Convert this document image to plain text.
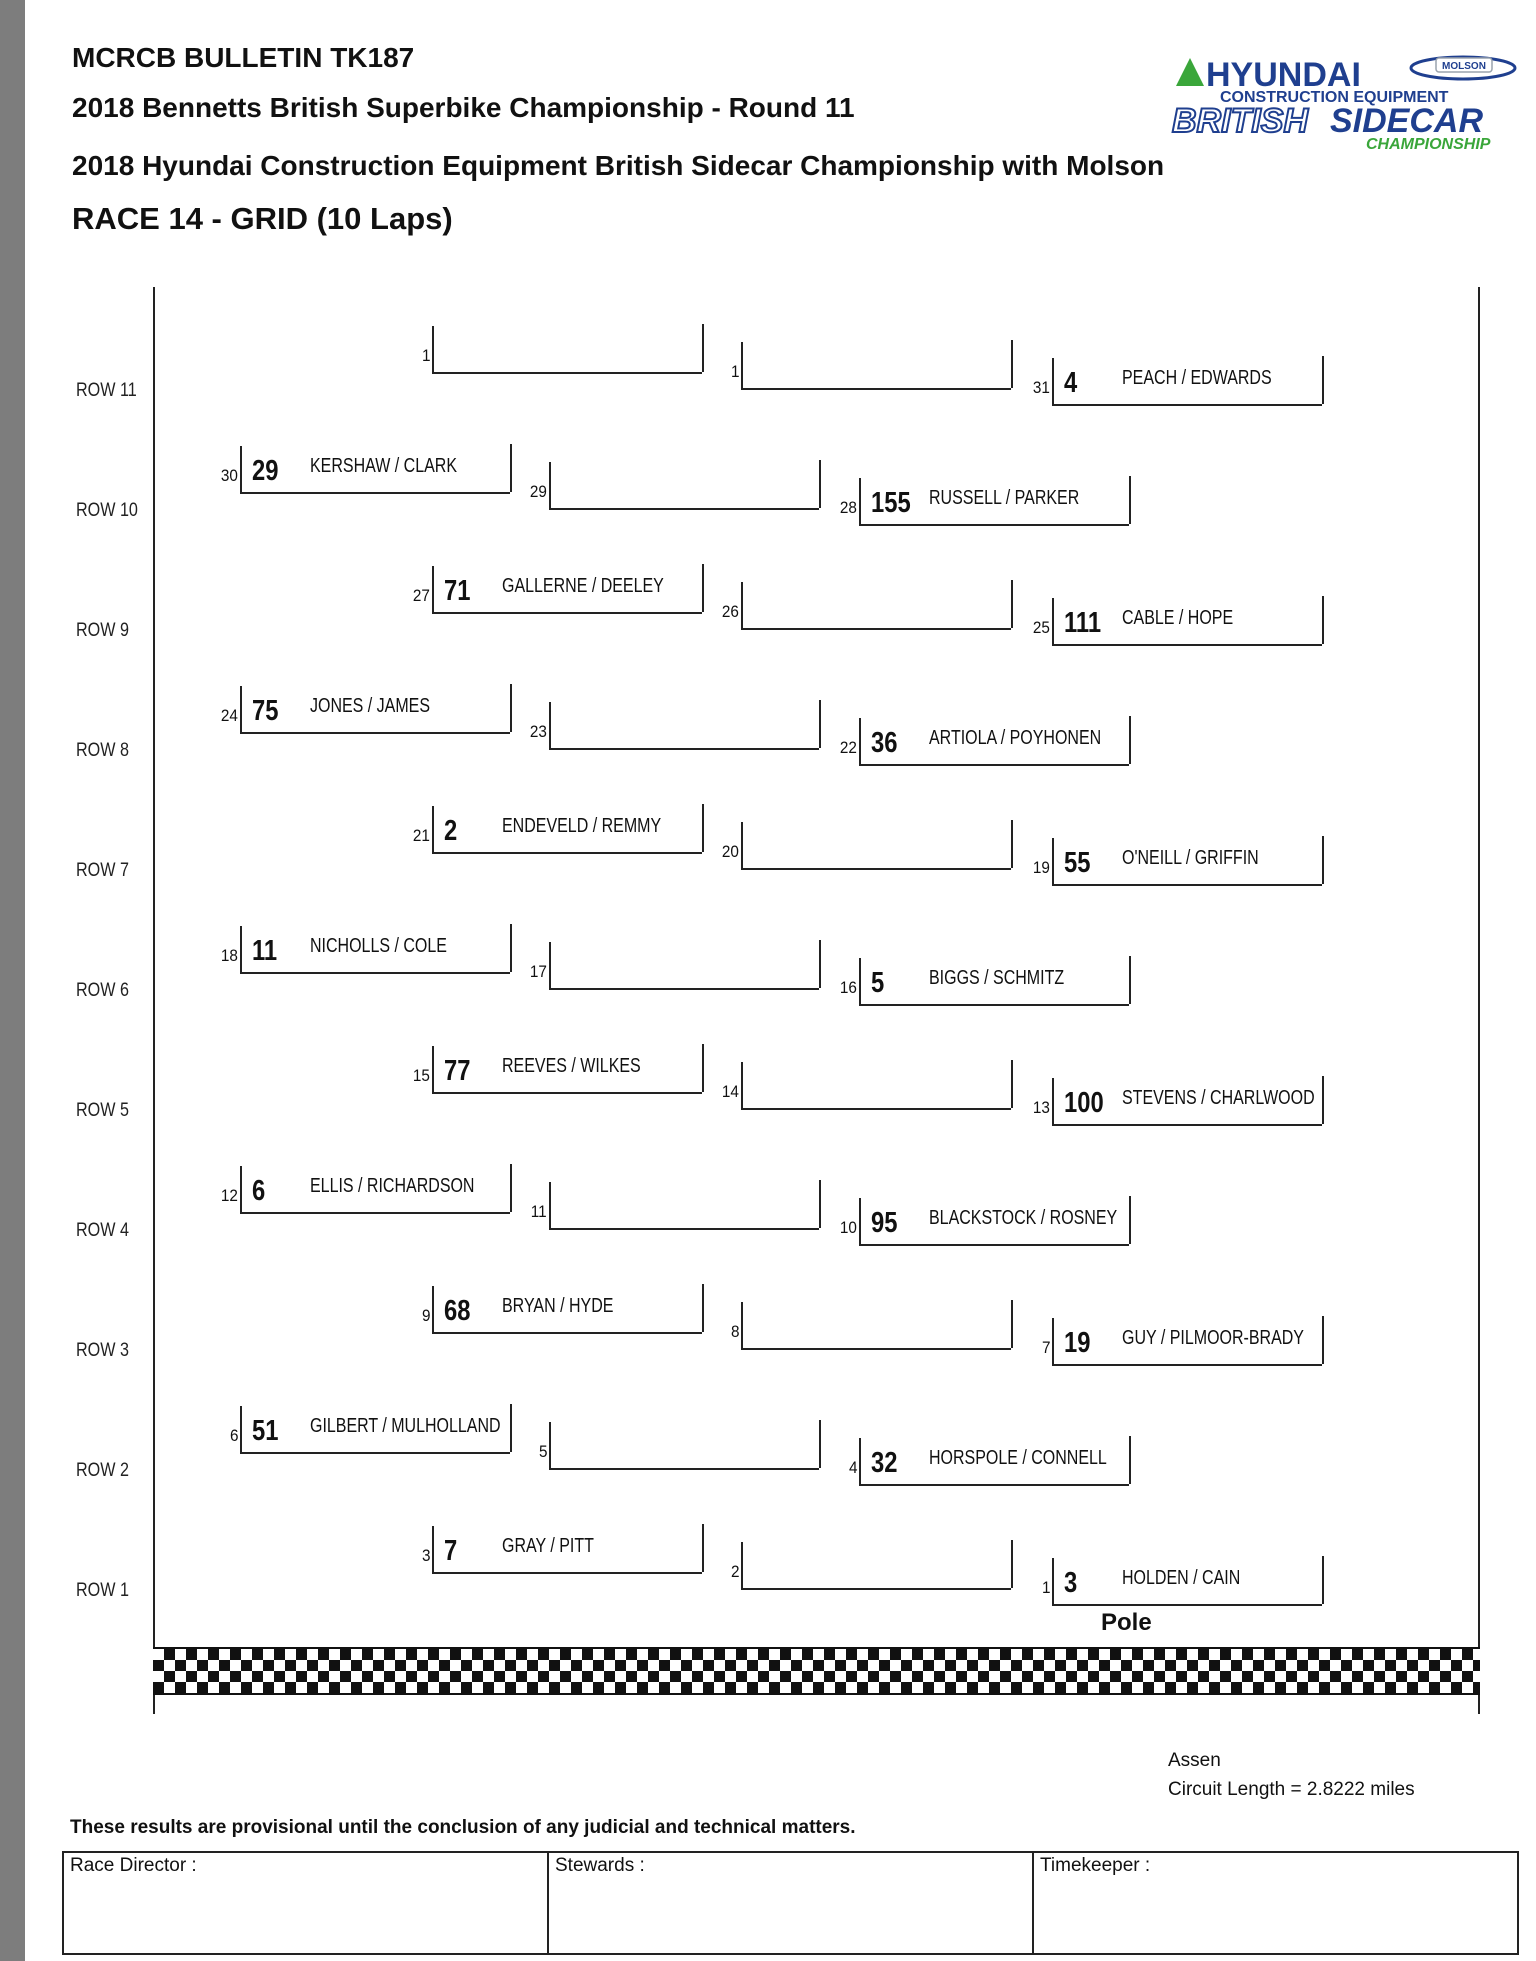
MCRCB BULLETIN TK187
2018 Bennetts British Superbike Championship - Round 11
2018 Hyundai Construction Equipment British Sidecar Championship with Molson
RACE 14 - GRID (10 Laps)
HYUNDAI	MOLSON
CONSTRUCTION EQUIPMENT
BRITISH SIDECAR
CHAMPIONSHIP
ROW 11
ROW 10
ROW 9
ROW 8
ROW 7
ROW 6
ROW 5
ROW 4
ROW 3
ROW 2
ROW 1
1
1
31 4 PEACH / EDWARDS
30 29 KERSHAW / CLARK
29
28 155 RUSSELL / PARKER
27 71 GALLERNE / DEELEY
26
25 111 CABLE / HOPE
24 75 JONES / JAMES
23
22 36 ARTIOLA / POYHONEN
21 2 ENDEVELD / REMMY
20
19 55 O'NEILL / GRIFFIN
18 11 NICHOLLS / COLE
17
16 5 BIGGS / SCHMITZ
15 77 REEVES / WILKES
14
13 100 STEVENS / CHARLWOOD
12 6 ELLIS / RICHARDSON
11
10 95 BLACKSTOCK / ROSNEY
9 68 BRYAN / HYDE
8
7 19 GUY / PILMOOR-BRADY
6 51 GILBERT / MULHOLLAND
5
4 32 HORSPOLE / CONNELL
3 7 GRAY / PITT
2
1 3 HOLDEN / CAIN
Pole
Assen
Circuit Length = 2.8222 miles
These results are provisional until the conclusion of any judicial and technical matters.
Race Director :	Stewards :	Timekeeper :
